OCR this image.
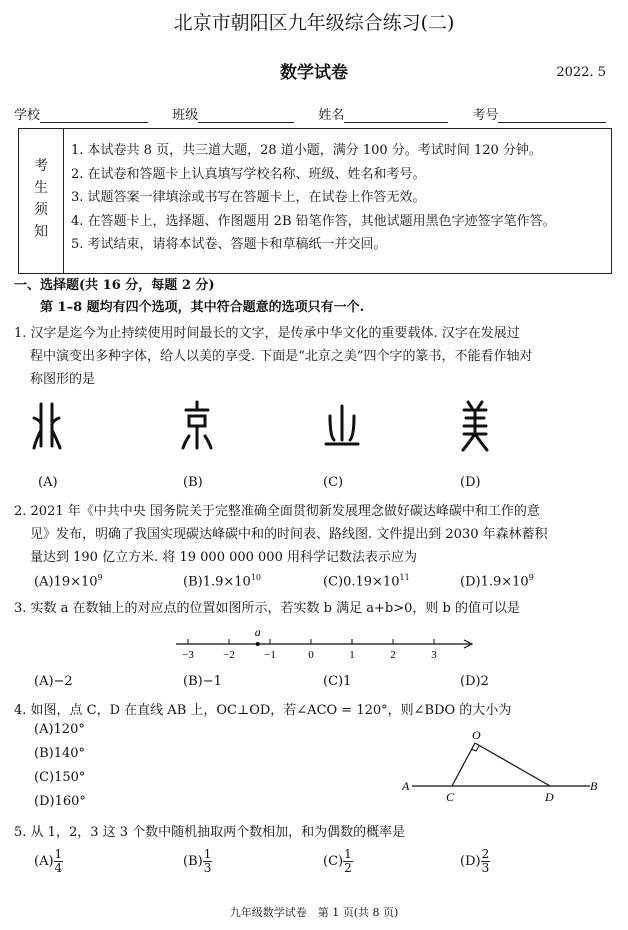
北京市朝阳区九年级综合练习(二)
数学试卷	2022. 5
学校	班级	姓名	考号
考
生
须
知
1. 本试卷共 8 页，共三道大题，28 道小题，满分 100 分。考试时间 120 分钟。
2. 在试卷和答题卡上认真填写学校名称、班级、姓名和考号。
3. 试题答案一律填涂或书写在答题卡上，在试卷上作答无效。
4. 在答题卡上，选择题、作图题用 2B 铅笔作答，其他试题用黑色字迹签字笔作答。
5. 考试结束，请将本试卷、答题卡和草稿纸一并交回。
一、选择题(共 16 分，每题 2 分)
第 1–8 题均有四个选项，其中符合题意的选项只有一个.
1. 汉字是迄今为止持续使用时间最长的文字，是传承中华文化的重要载体. 汉字在发展过
程中演变出多种字体，给人以美的享受. 下面是“北京之美”四个字的篆书，不能看作轴对
称图形的是
(A)	(B)	(C)	(D)
2. 2021 年《中共中央 国务院关于完整准确全面贯彻新发展理念做好碳达峰碳中和工作的意
见》发布，明确了我国实现碳达峰碳中和的时间表、路线图. 文件提出到 2030 年森林蓄积
量达到 190 亿立方米. 将 19 000 000 000 用科学记数法表示应为
$(A)19\times 10^9$	$(B)1.9\times 10^{10}$	$(C)0.19\times 10^{11}$	$(D)1.9\times 10^9$
3. 实数 a 在数轴上的对应点的位置如图所示，若实数 b 满足 a+b>0，则 b 的值可以是
−3	−2	−1	0	1	2	3
a
(A)−2	(B)−1	(C)1	(D)2
4. 如图，点 C，D 在直线 AB 上，OC⊥OD，若∠ACO = 120°，则∠BDO 的大小为
(A)120°
(B)140°
(C)150°
(D)160°
A
C	D
B
O
5. 从 1，2，3 这 3 个数中随机抽取两个数相加，和为偶数的概率是
$(A) \frac{1}{4}$	$(B) \frac{1}{3}$	$(C) \frac{1}{2}$	$(D) \frac{2}{3}$
九年级数学试卷　第 1 页(共 8 页)
